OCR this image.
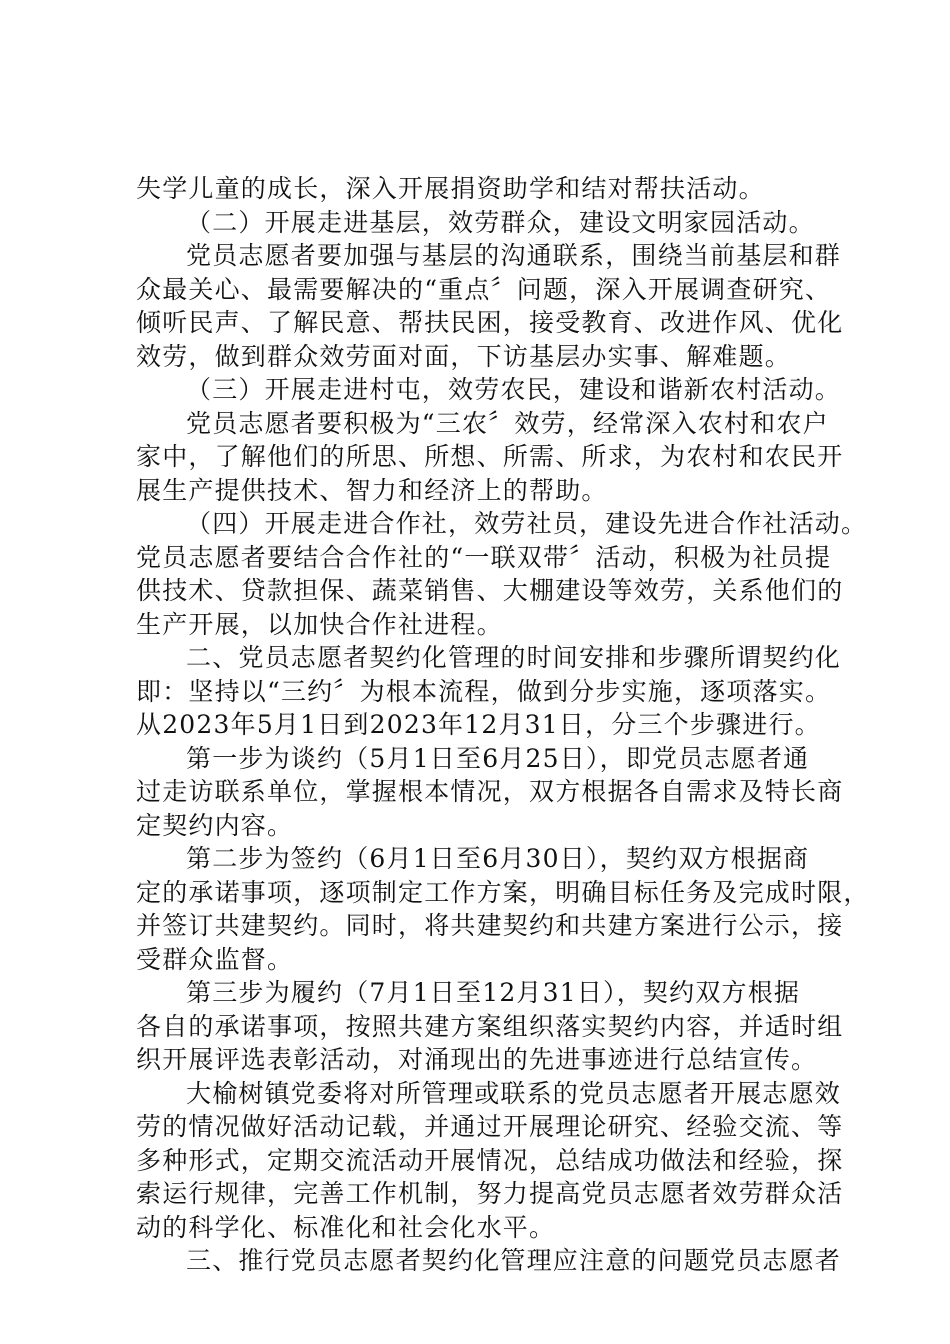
失学儿童的成长，深入开展捐资助学和结对帮扶活动。
（二）开展走进基层，效劳群众，建设文明家园活动。
党员志愿者要加强与基层的沟通联系，围绕当前基层和群
众最关心、最需要解决的“重点〞问题，深入开展调查研究、
倾听民声、了解民意、帮扶民困，接受教育、改进作风、优化
效劳，做到群众效劳面对面，下访基层办实事、解难题。
（三）开展走进村屯，效劳农民，建设和谐新农村活动。
党员志愿者要积极为“三农〞效劳，经常深入农村和农户
家中，了解他们的所思、所想、所需、所求，为农村和农民开
展生产提供技术、智力和经济上的帮助。
（四）开展走进合作社，效劳社员，建设先进合作社活动。
党员志愿者要结合合作社的“一联双带〞活动，积极为社员提
供技术、贷款担保、蔬菜销售、大棚建设等效劳，关系他们的
生产开展，以加快合作社进程。
二、党员志愿者契约化管理的时间安排和步骤所谓契约化
即：坚持以“三约〞为根本流程，做到分步实施，逐项落实。
从2023年5月1日到2023年12月31日，分三个步骤进行。
第一步为谈约（5月1日至6月25日），即党员志愿者通
过走访联系单位，掌握根本情况，双方根据各自需求及特长商
定契约内容。
第二步为签约（6月1日至6月30日），契约双方根据商
定的承诺事项，逐项制定工作方案，明确目标任务及完成时限，
并签订共建契约。同时，将共建契约和共建方案进行公示，接
受群众监督。
第三步为履约（7月1日至12月31日），契约双方根据
各自的承诺事项，按照共建方案组织落实契约内容，并适时组
织开展评选表彰活动，对涌现出的先进事迹进行总结宣传。
大榆树镇党委将对所管理或联系的党员志愿者开展志愿效
劳的情况做好活动记载，并通过开展理论研究、经验交流、等
多种形式，定期交流活动开展情况，总结成功做法和经验，探
索运行规律，完善工作机制，努力提高党员志愿者效劳群众活
动的科学化、标准化和社会化水平。
三、推行党员志愿者契约化管理应注意的问题党员志愿者
